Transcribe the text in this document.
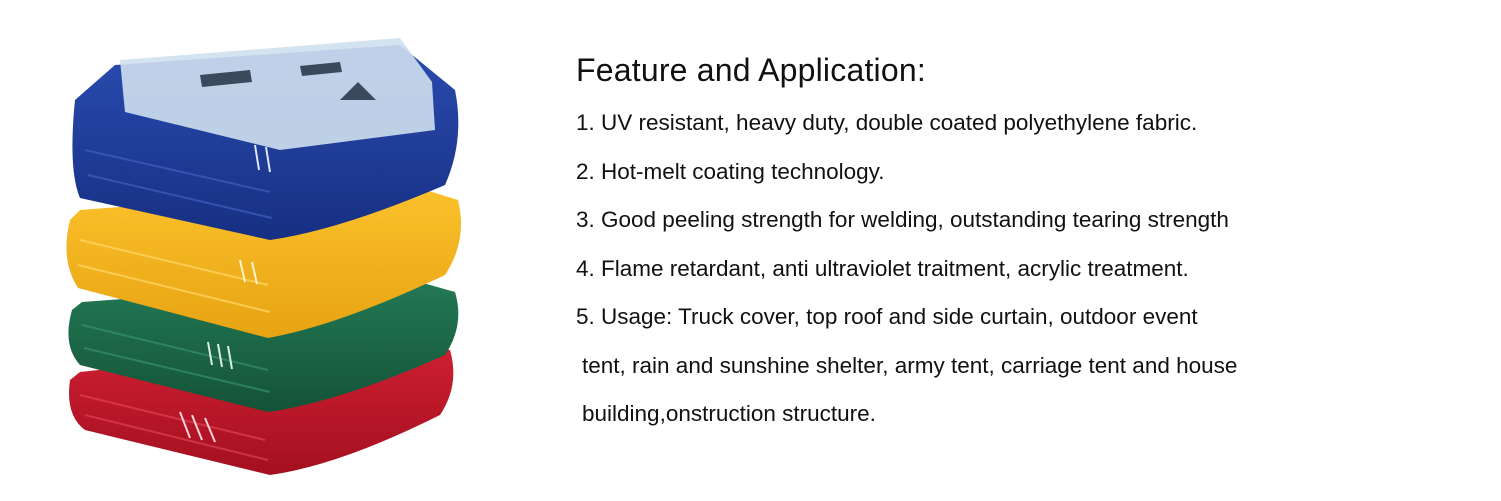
Feature and Application:
1. UV resistant, heavy duty, double coated polyethylene fabric.
2. Hot-melt coating technology.
3. Good peeling strength for welding, outstanding tearing strength
4. Flame retardant, anti ultraviolet traitment, acrylic treatment.
5. Usage: Truck cover, top roof and side curtain, outdoor event
tent, rain and sunshine shelter, army tent, carriage tent and house
building,onstruction structure.
